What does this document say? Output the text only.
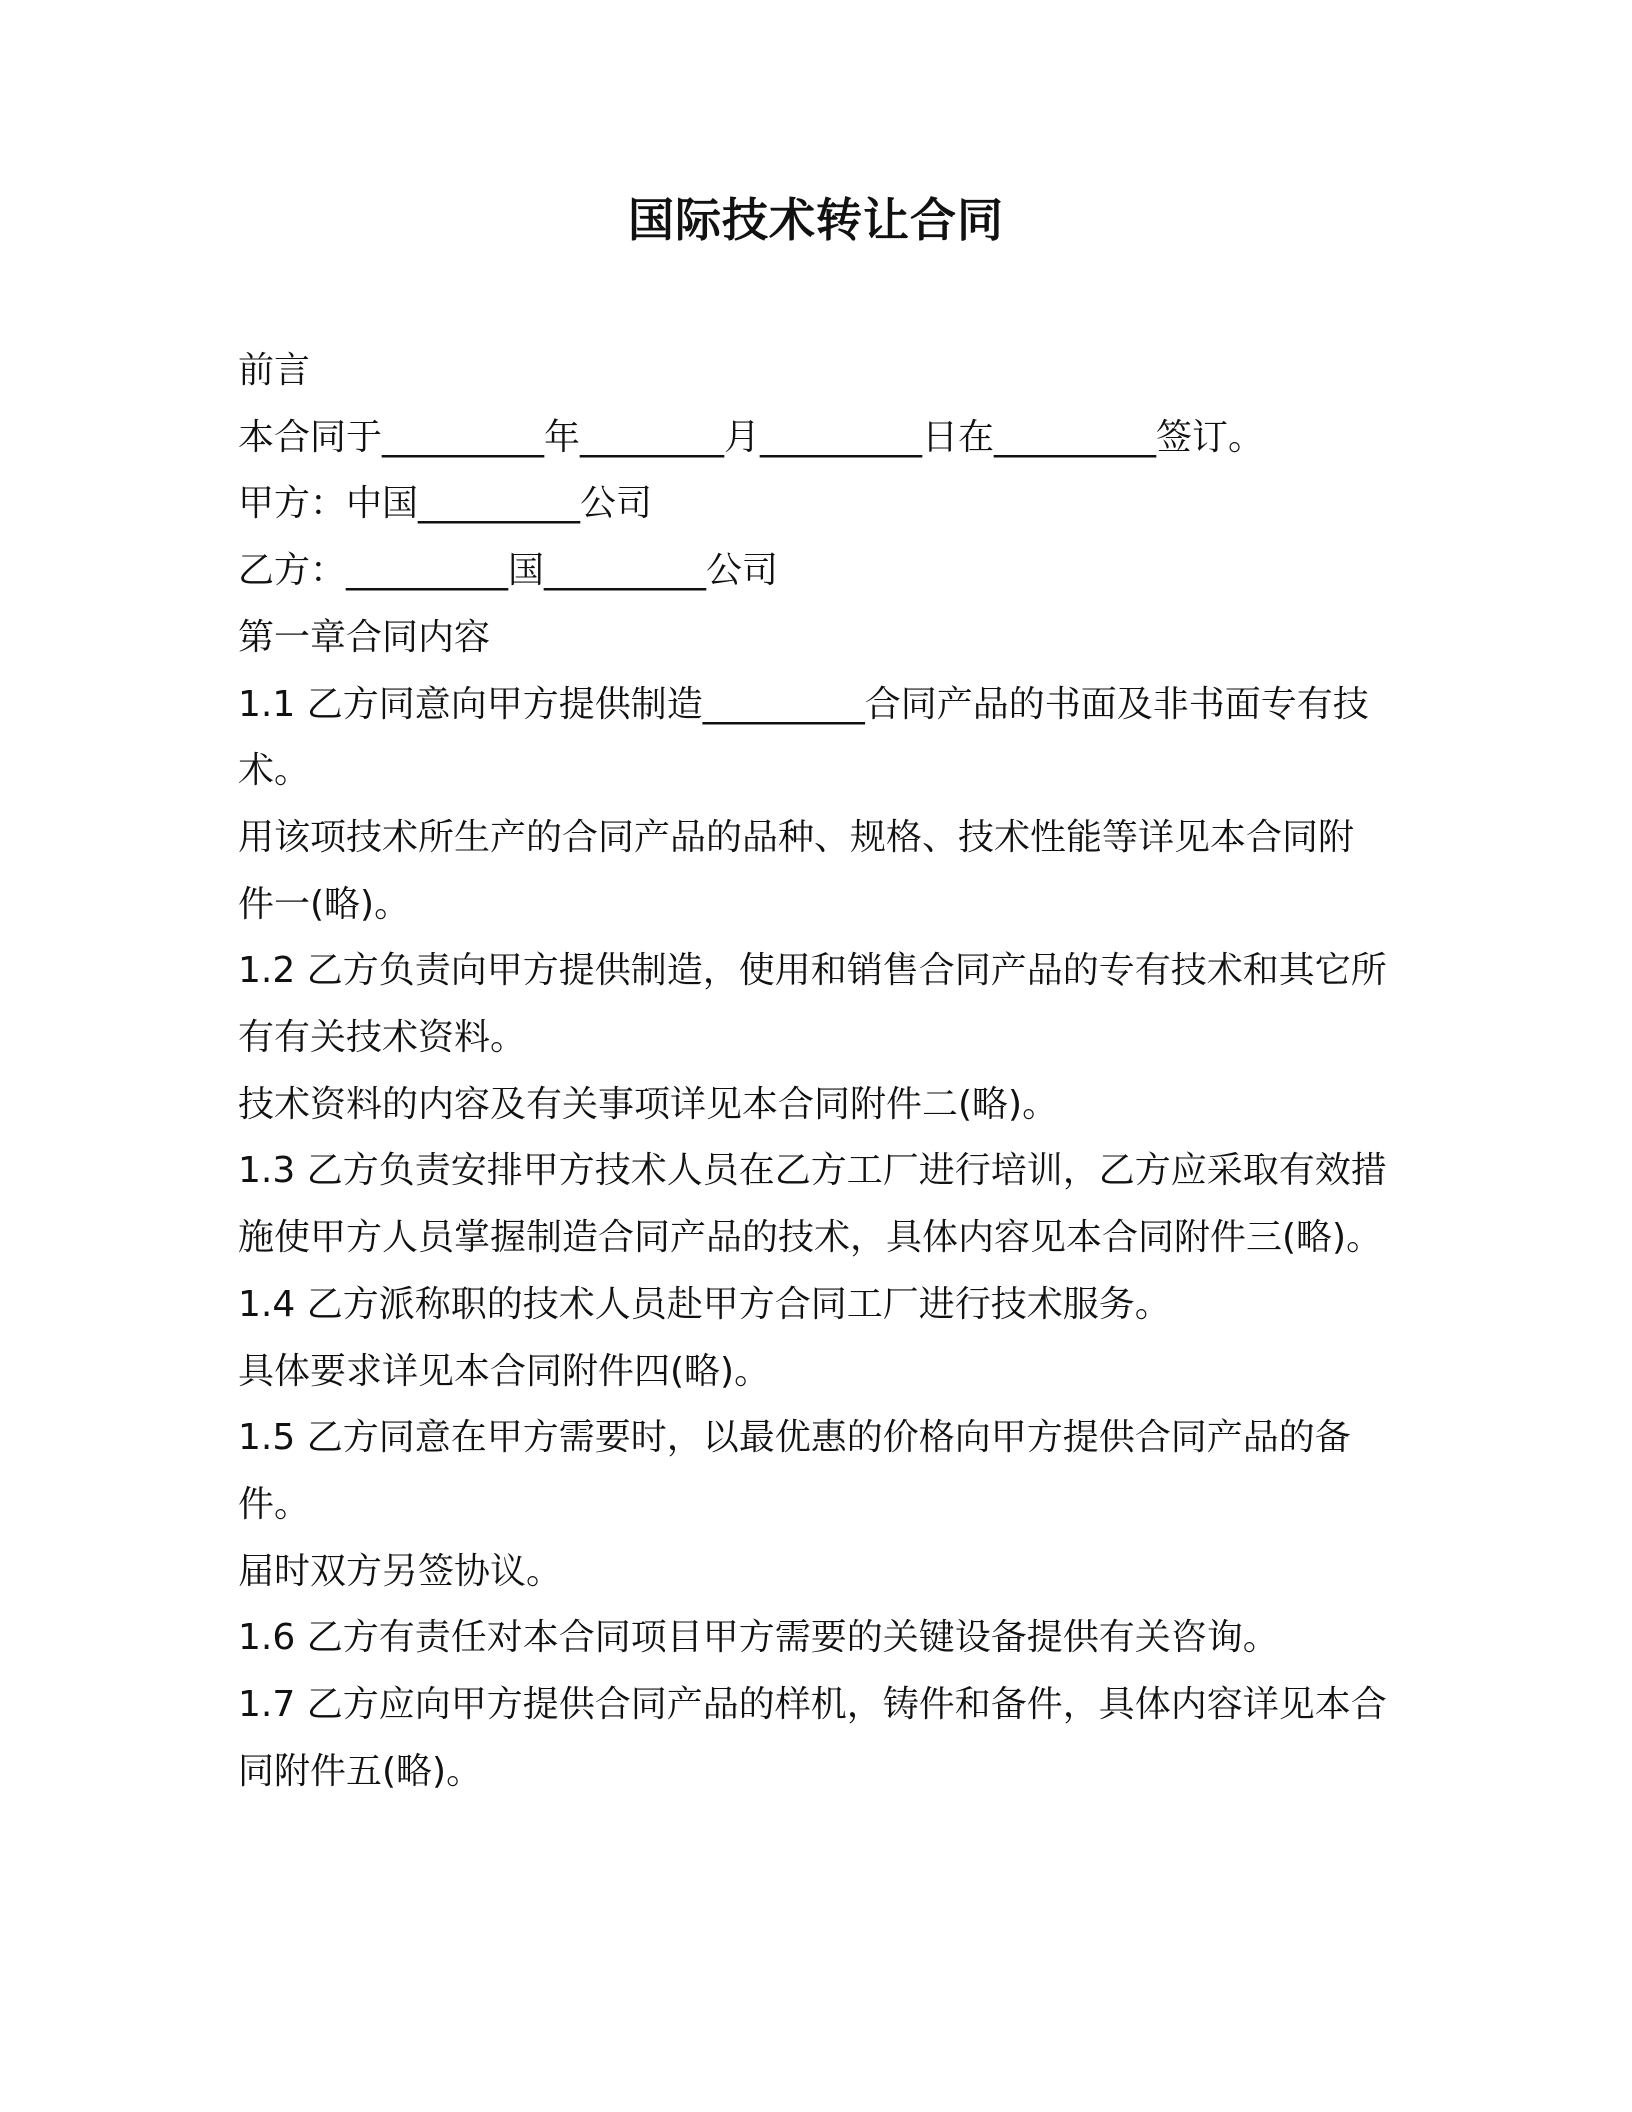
国际技术转让合同

前言

本合同于_________年________月_________日在_________签订。

甲方：中国_________公司

乙方：_________国_________公司

第一章合同内容

1.1 乙方同意向甲方提供制造_________合同产品的书面及非书面专有技术。

用该项技术所生产的合同产品的品种、规格、技术性能等详见本合同附件一(略)。

1.2 乙方负责向甲方提供制造，使用和销售合同产品的专有技术和其它所有有关技术资料。

技术资料的内容及有关事项详见本合同附件二(略)。

1.3 乙方负责安排甲方技术人员在乙方工厂进行培训，乙方应采取有效措施使甲方人员掌握制造合同产品的技术，具体内容见本合同附件三(略)。

1.4 乙方派称职的技术人员赴甲方合同工厂进行技术服务。

具体要求详见本合同附件四(略)。

1.5 乙方同意在甲方需要时，以最优惠的价格向甲方提供合同产品的备件。

届时双方另签协议。

1.6 乙方有责任对本合同项目甲方需要的关键设备提供有关咨询。

1.7 乙方应向甲方提供合同产品的样机，铸件和备件，具体内容详见本合同附件五(略)。
